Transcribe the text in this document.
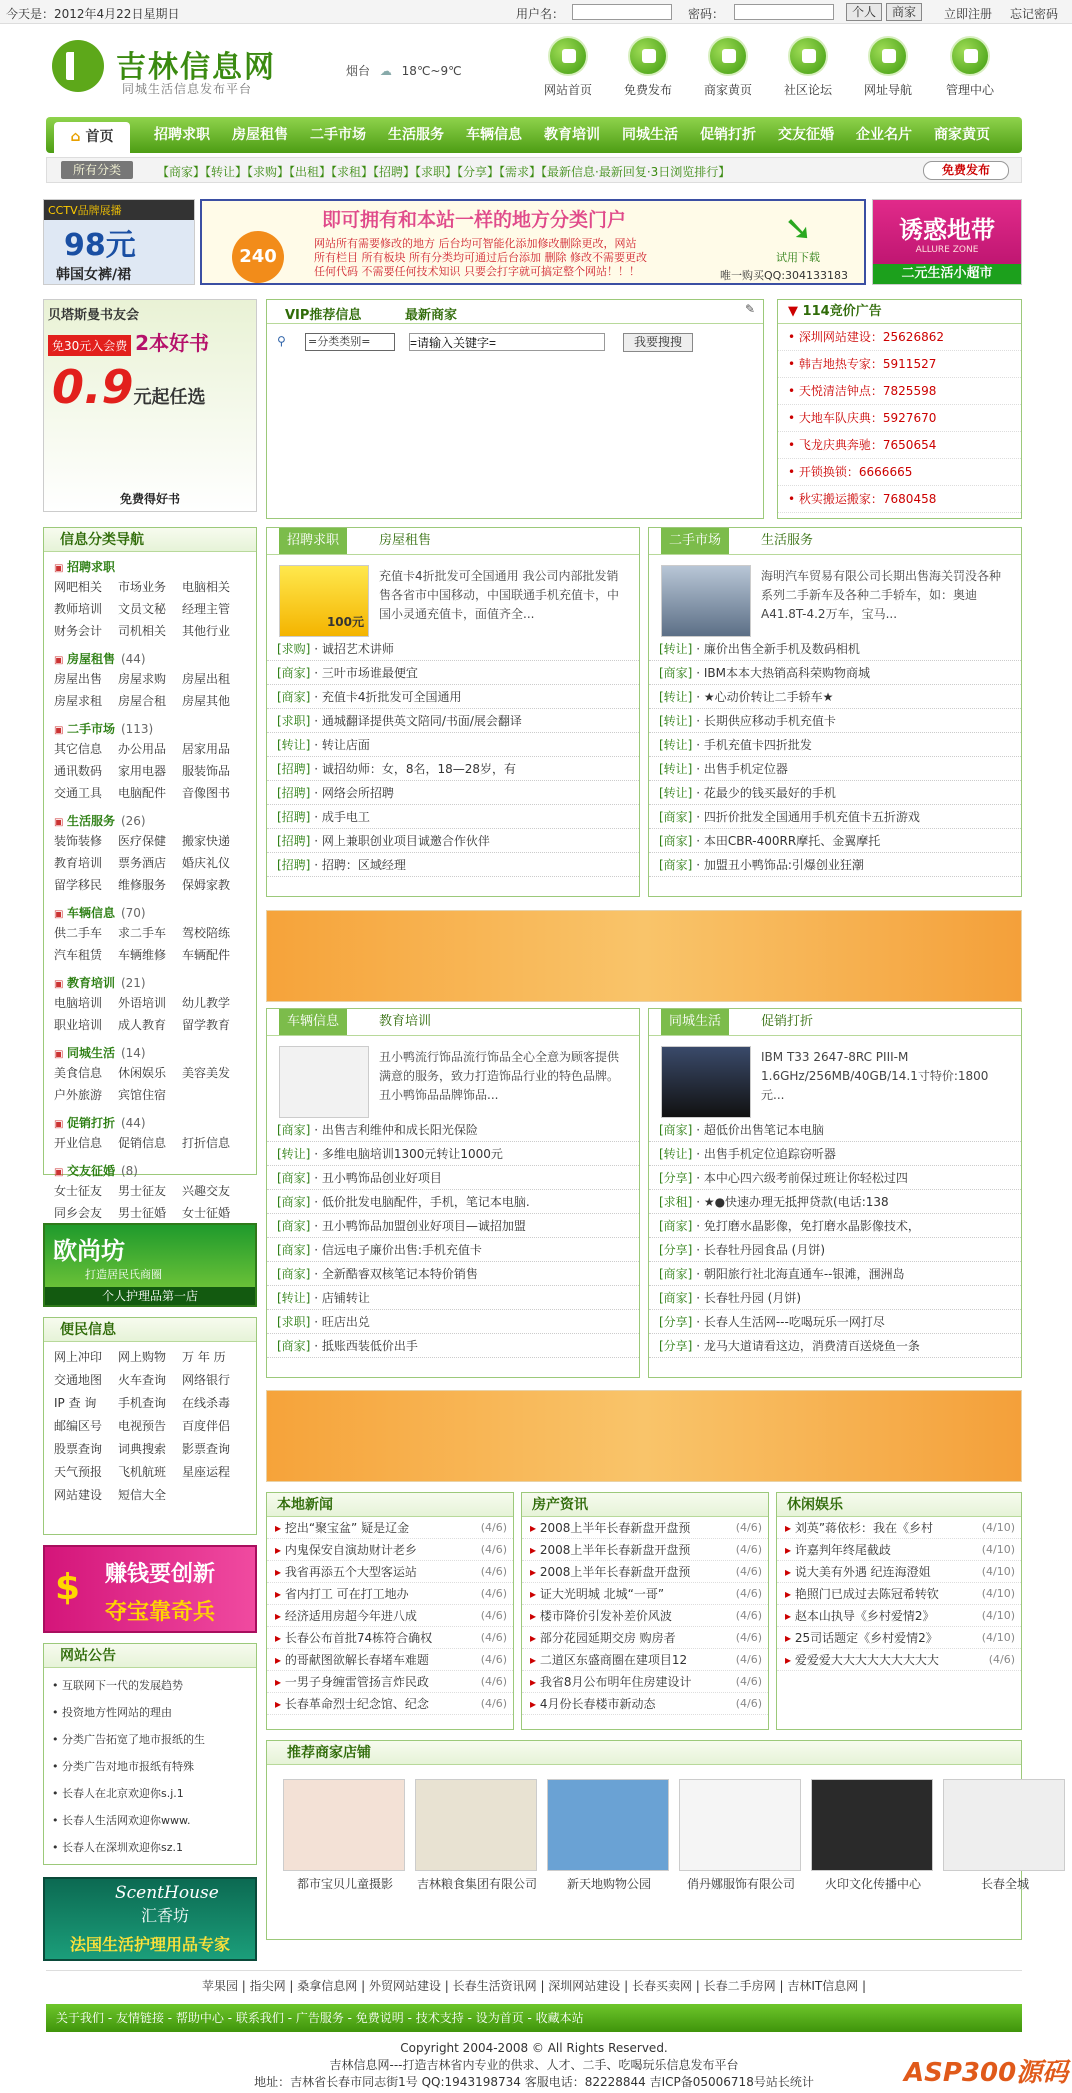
今天是：2012年4月22日星期日	用户名：	密码：	个人	商家	立即注册 忘记密码
吉林信息网
同城生活信息发布平台
烟台 ☁ 18℃~9℃
网站首页	免费发布	商家黄页	社区论坛	网址导航	管理中心
⌂ 首页	招聘求职 房屋租售 二手市场 生活服务 车辆信息 教育培训 同城生活 促销打折 交友征婚 企业名片 商家黄页
所有分类	【商家】【转让】【求购】【出租】【求租】【招聘】【求职】【分享】【需求】【最新信息·最新回复·3日浏览排行】	免费发布
CCTV品牌展播
98元
韩国女裤/裙
240
即可拥有和本站一样的地方分类门户
网站所有需要修改的地方 后台均可智能化添加修改删除更改，网站
所有栏目 所有板块 所有分类均可通过后台添加 删除 修改不需要更改
任何代码 不需要任何技术知识 只要会打字就可搞定整个网站！！！
试用下载
唯一购买QQ:304133183
➘	诱惑地带
ALLURE ZONE
二元生活小超市
贝塔斯曼书友会
免30元入会费 2本好书
0.9元起任选
免费得好书
VIP推荐信息	最新商家	✎
⚲ =分类类别=
=请输入关键字=	我要搜搜
▼ 114竞价广告
• 深圳网站建设：25626862
• 韩吉地热专家：5911527
• 天悦清洁钟点：7825598
• 大地车队庆典：5927670
• 飞龙庆典奔驰：7650654
• 开锁换锁：6666665
• 秋实搬运搬家：7680458
信息分类导航
▣ 招聘求职
网吧相关	市场业务	电脑相关
教师培训	文员文秘	经理主管
财务会计	司机相关	其他行业
▣ 房屋租售 (44)
房屋出售	房屋求购	房屋出租
房屋求租	房屋合租	房屋其他
▣ 二手市场 (113)
其它信息	办公用品	居家用品
通讯数码	家用电器	服装饰品
交通工具	电脑配件	音像图书
▣ 生活服务 (26)
装饰装修	医疗保健	搬家快递
教育培训	票务酒店	婚庆礼仪
留学移民	维修服务	保姆家教
▣ 车辆信息 (70)
供二手车	求二手车	驾校陪练
汽车租赁	车辆维修	车辆配件
▣ 教育培训 (21)
电脑培训	外语培训	幼儿教学
职业培训	成人教育	留学教育
▣ 同城生活 (14)
美食信息	休闲娱乐	美容美发
户外旅游	宾馆住宿
▣ 促销打折 (44)
开业信息	促销信息	打折信息
▣ 交友征婚 (8)
女士征友	男士征友	兴趣交友
同乡会友	男士征婚	女士征婚
欧尚坊
打造居民氏商圈
个人护理品第一店
便民信息
网上冲印	网上购物	万 年 历
交通地图	火车查询	网络银行
IP 查 询	手机查询	在线杀毒
邮编区号	电视预告	百度伴侣
股票查询	词典搜索	影票查询
天气预报	飞机航班	星座运程
网站建设	短信大全
$ 赚钱要创新
夺宝靠奇兵
网站公告
• 互联网下一代的发展趋势
• 投资地方性网站的理由
• 分类广告拓宽了地市报纸的生
• 分类广告对地市报纸有特殊
• 长春人在北京欢迎你s.j.1
• 长春人生活网欢迎你www.
• 长春人在深圳欢迎你sz.1
ScentHouse
汇香坊
法国生活护理用品专家
招聘求职	房屋租售
100元
充值卡4折批发可全国通用 我公司内部批发销售各省市中国移动，中国联通手机充值卡，中国小灵通充值卡，面值齐全...
[求购] · 诚招艺术讲师
[商家] · 三叶市场谁最便宜
[商家] · 充值卡4折批发可全国通用
[求职] · 通城翻译提供英文陪同/书面/展会翻译
[转让] · 转让店面
[招聘] · 诚招幼师：女，8名，18—28岁，有
[招聘] · 网络会所招聘
[招聘] · 成手电工
[招聘] · 网上兼职创业项目诚邀合作伙伴
[招聘] · 招聘：区域经理
二手市场	生活服务
海明汽车贸易有限公司长期出售海关罚没各种系列二手新车及各种二手轿车，如：奥迪A41.8T-4.2万车，宝马...
[转让] · 廉价出售全新手机及数码相机
[商家] · IBM本本大热销高科荣购物商城
[转让] · ★心动价转让二手轿车★
[转让] · 长期供应移动手机充值卡
[转让] · 手机充值卡四折批发
[转让] · 出售手机定位器
[转让] · 花最少的钱买最好的手机
[商家] · 四折价批发全国通用手机充值卡五折游戏
[商家] · 本田CBR-400RR摩托、金翼摩托
[商家] · 加盟丑小鸭饰品:引爆创业狂潮
车辆信息	教育培训
丑小鸭流行饰品流行饰品全心全意为顾客提供满意的服务，致力打造饰品行业的特色品牌。 丑小鸭饰品品牌饰品...
[商家] · 出售吉利维仲和成长阳光保险
[转让] · 多维电脑培训1300元转让1000元
[商家] · 丑小鸭饰品创业好项目
[商家] · 低价批发电脑配件，手机，笔记本电脑.
[商家] · 丑小鸭饰品加盟创业好项目—诚招加盟
[商家] · 信远电子廉价出售:手机充值卡
[商家] · 全新酷睿双核笔记本特价销售
[转让] · 店铺转让
[求职] · 旺店出兑
[商家] · 抵账西装低价出手
同城生活	促销打折
IBM T33 2647-8RC PIII-M 1.6GHz/256MB/40GB/14.1寸特价:1800元...
[商家] · 超低价出售笔记本电脑
[转让] · 出售手机定位追踪窃听器
[分享] · 本中心四六级考前保过班让你轻松过四
[求租] · ★●快速办理无抵押贷款(电话:138
[商家] · 免打磨水晶影像，免打磨水晶影像技术，
[分享] · 长春牡丹园食品 (月饼)
[商家] · 朝阳旅行社北海直通车--银滩，涠洲岛
[商家] · 长春牡丹园 (月饼)
[分享] · 长春人生活网---吃喝玩乐一网打尽
[分享] · 龙马大道请看这边，消费清百送烧鱼一条
本地新闻
▸ 挖出“聚宝盆” 疑是辽金	(4/6)
▸ 内鬼保安自演劫财计老乡	(4/6)
▸ 我省再添五个大型客运站	(4/6)
▸ 省内打工 可在打工地办	(4/6)
▸ 经济适用房超今年进八成	(4/6)
▸ 长春公布首批74栋符合确权	(4/6)
▸ 的哥献图欲解长春堵车难题	(4/6)
▸ 一男子身缠雷管扬言炸民政	(4/6)
▸ 长春革命烈士纪念馆、纪念	(4/6)
房产资讯
▸ 2008上半年长春新盘开盘预	(4/6)
▸ 2008上半年长春新盘开盘预	(4/6)
▸ 2008上半年长春新盘开盘预	(4/6)
▸ 证大光明城 北城“一哥”	(4/6)
▸ 楼市降价引发补差价风波	(4/6)
▸ 部分花园延期交房 购房者	(4/6)
▸ 二道区东盛商圈在建项目12	(4/6)
▸ 我省8月公布明年住房建设计	(4/6)
▸ 4月份长春楼市新动态	(4/6)
休闲娱乐
▸ 刘英”蒋依杉：我在《乡村	(4/10)
▸ 许嘉判年终尾截歧	(4/10)
▸ 说大美有外遇 纪连海澄姐	(4/10)
▸ 艳照门已成过去陈冠希转钦	(4/10)
▸ 赵本山执导《乡村爱情2》	(4/10)
▸ 25司话题定《乡村爱情2》	(4/10)
▸ 爱爱爱大大大大大大大大大	(4/6)
推荐商家店铺
都市宝贝儿童摄影	吉林粮食集团有限公司	新天地购物公园	俏丹娜服饰有限公司	火印文化传播中心	长春全城
苹果园 | 指尖网 | 桑拿信息网 | 外贸网站建设 | 长春生活资讯网 | 深圳网站建设 | 长春买卖网 | 长春二手房网 | 吉林IT信息网 |
关于我们 - 友情链接 - 帮助中心 - 联系我们 - 广告服务 - 免费说明 - 技术支持 - 设为首页 - 收藏本站
Copyright 2004-2008 © All Rights Reserved.
吉林信息网---打造吉林省内专业的供求、人才、二手、吃喝玩乐信息发布平台
地址：吉林省长春市同志街1号 QQ:1943198734 客服电话：82228844 吉ICP备05006718号站长统计	ASP300源码
